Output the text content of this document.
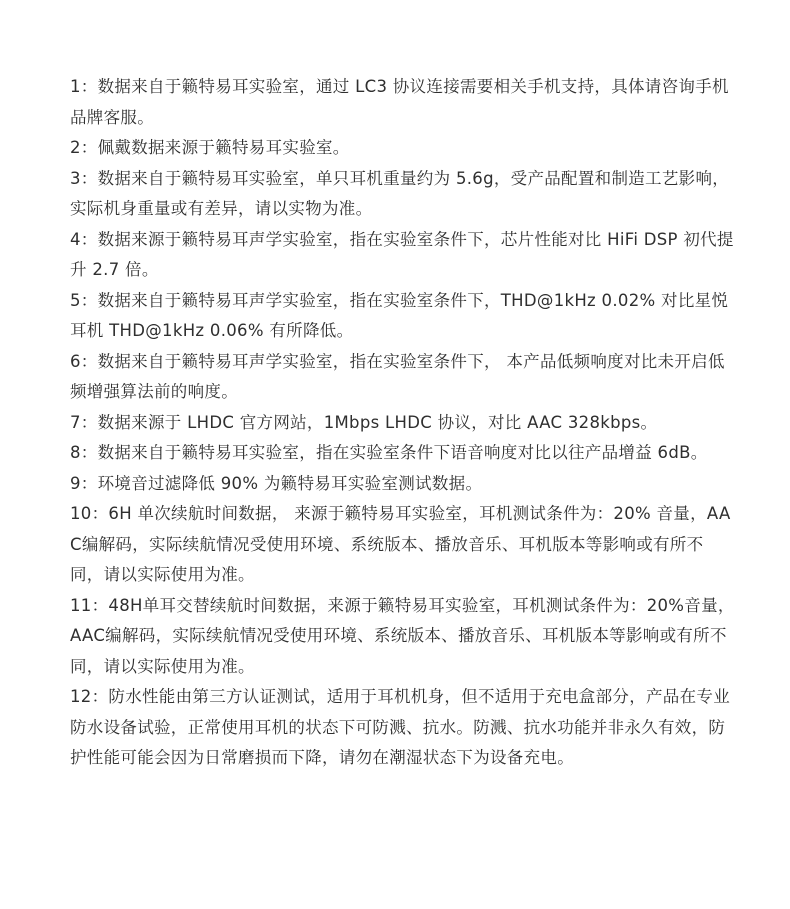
1：数据来自于籁特易耳实验室，通过 LC3 协议连接需要相关手机支持，具体请咨询手机品牌客服。

2：佩戴数据来源于籁特易耳实验室。

3：数据来自于籁特易耳实验室，单只耳机重量约为 5.6g，受产品配置和制造工艺影响，实际机身重量或有差异，请以实物为准。

4：数据来源于籁特易耳声学实验室，指在实验室条件下，芯片性能对比 HiFi DSP 初代提升 2.7 倍。

5：数据来自于籁特易耳声学实验室，指在实验室条件下，THD@1kHz 0.02% 对比星悦耳机 THD@1kHz 0.06% 有所降低。

6：数据来自于籁特易耳声学实验室，指在实验室条件下， 本产品低频响度对比未开启低频增强算法前的响度。

7：数据来源于 LHDC 官方网站，1Mbps LHDC 协议，对比 AAC 328kbps。

8：数据来自于籁特易耳实验室，指在实验室条件下语音响度对比以往产品增益 6dB。

9：环境音过滤降低 90% 为籁特易耳实验室测试数据。

10：6H 单次续航时间数据， 来源于籁特易耳实验室，耳机测试条件为：20% 音量，AAC编解码，实际续航情况受使用环境、系统版本、播放音乐、耳机版本等影响或有所不同，请以实际使用为准。

11：48H单耳交替续航时间数据，来源于籁特易耳实验室，耳机测试条件为：20%音量，AAC编解码，实际续航情况受使用环境、系统版本、播放音乐、耳机版本等影响或有所不同，请以实际使用为准。

12：防水性能由第三方认证测试，适用于耳机机身，但不适用于充电盒部分，产品在专业防水设备试验，正常使用耳机的状态下可防溅、抗水。防溅、抗水功能并非永久有效，防护性能可能会因为日常磨损而下降，请勿在潮湿状态下为设备充电。
